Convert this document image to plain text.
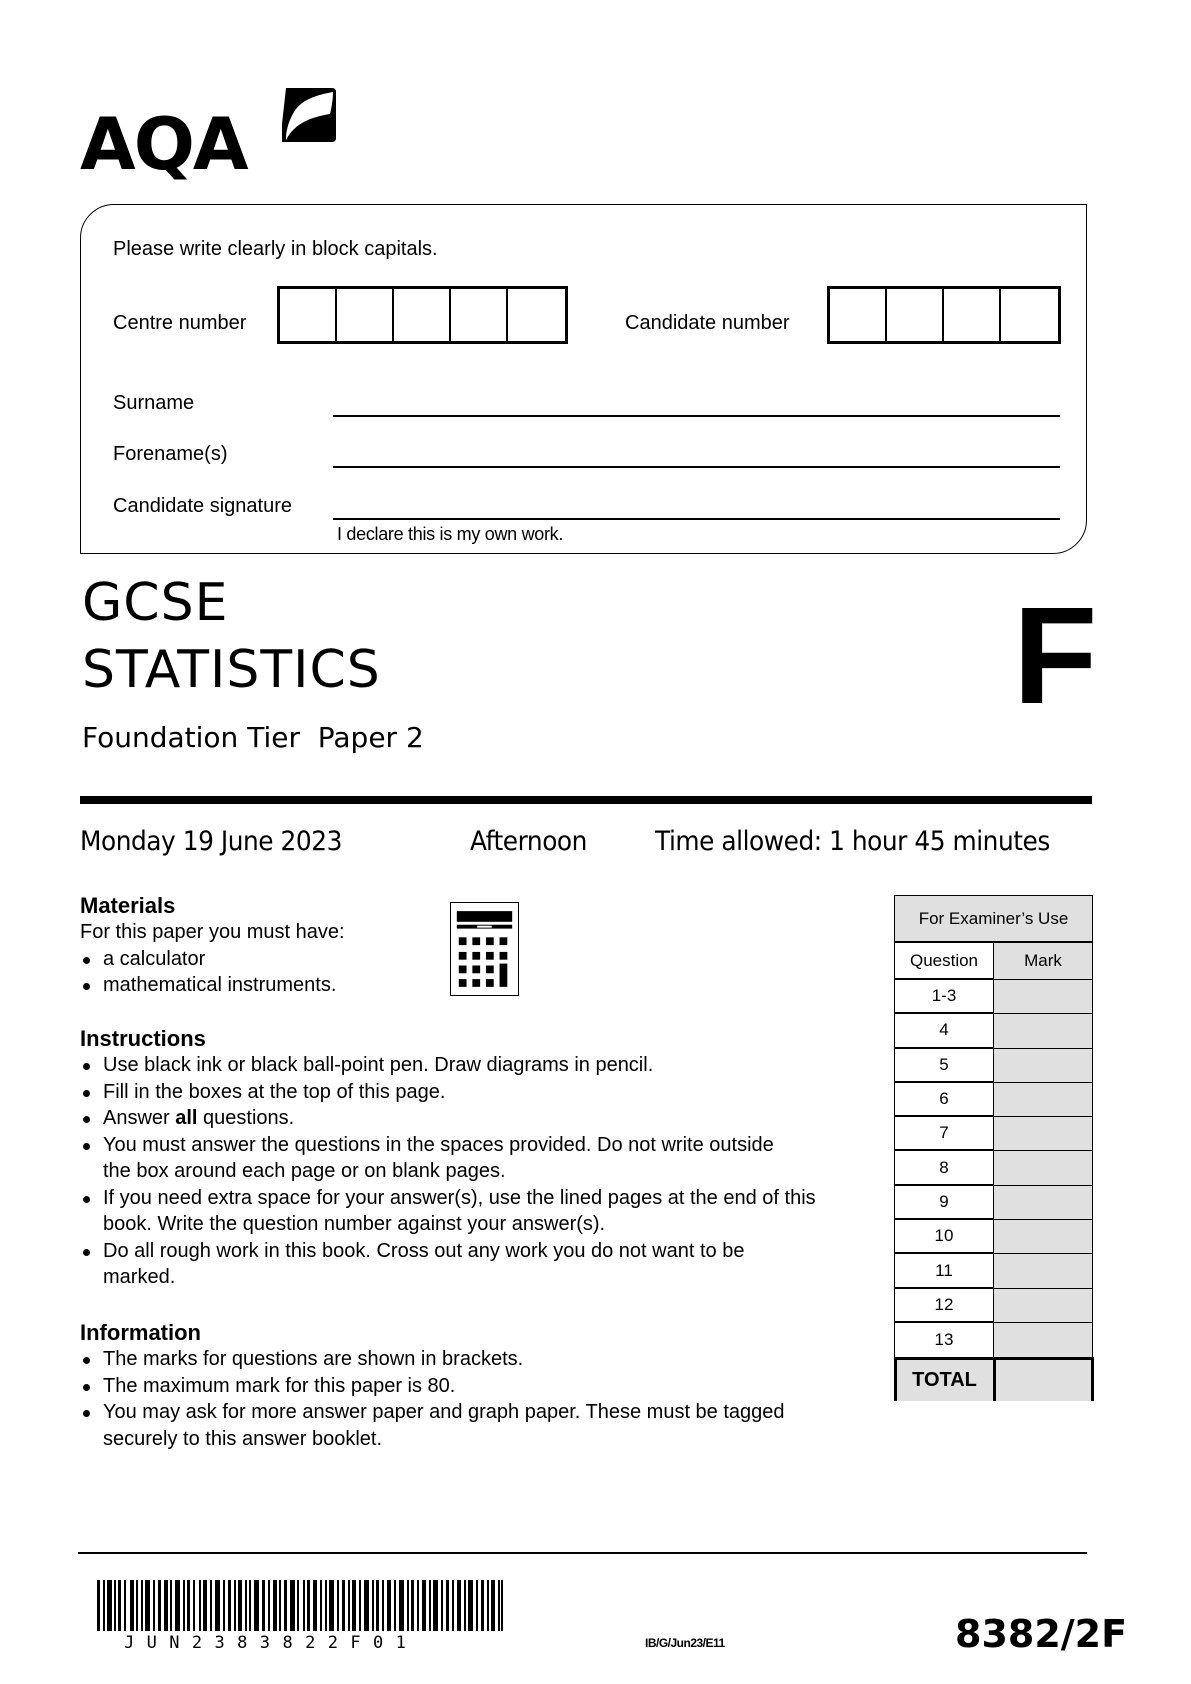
AQA
Please write clearly in block capitals.
Centre number	Candidate number
Surname
Forename(s)
Candidate signature
I declare this is my own work.
GCSE
STATISTICS
Foundation Tier  Paper 2
F
Monday 19 June 2023	Afternoon	Time allowed: 1 hour 45 minutes
Materials
For this paper you must have:
a calculator
mathematical instruments.
Instructions
Use black ink or black ball-point pen. Draw diagrams in pencil.
Fill in the boxes at the top of this page.
Answer all questions.
You must answer the questions in the spaces provided. Do not write outside the box around each page or on blank pages.
If you need extra space for your answer(s), use the lined pages at the end of this book. Write the question number against your answer(s).
Do all rough work in this book. Cross out any work you do not want to be marked.
Information
The marks for questions are shown in brackets.
The maximum mark for this paper is 80.
You may ask for more answer paper and graph paper. These must be tagged securely to this answer booklet.
For Examiner’s Use
Question	Mark
1-3
4
5
6
7
8
9
10
11
12
13
TOTAL
JUN2383822F01	IB/G/Jun23/E11	8382/2F
